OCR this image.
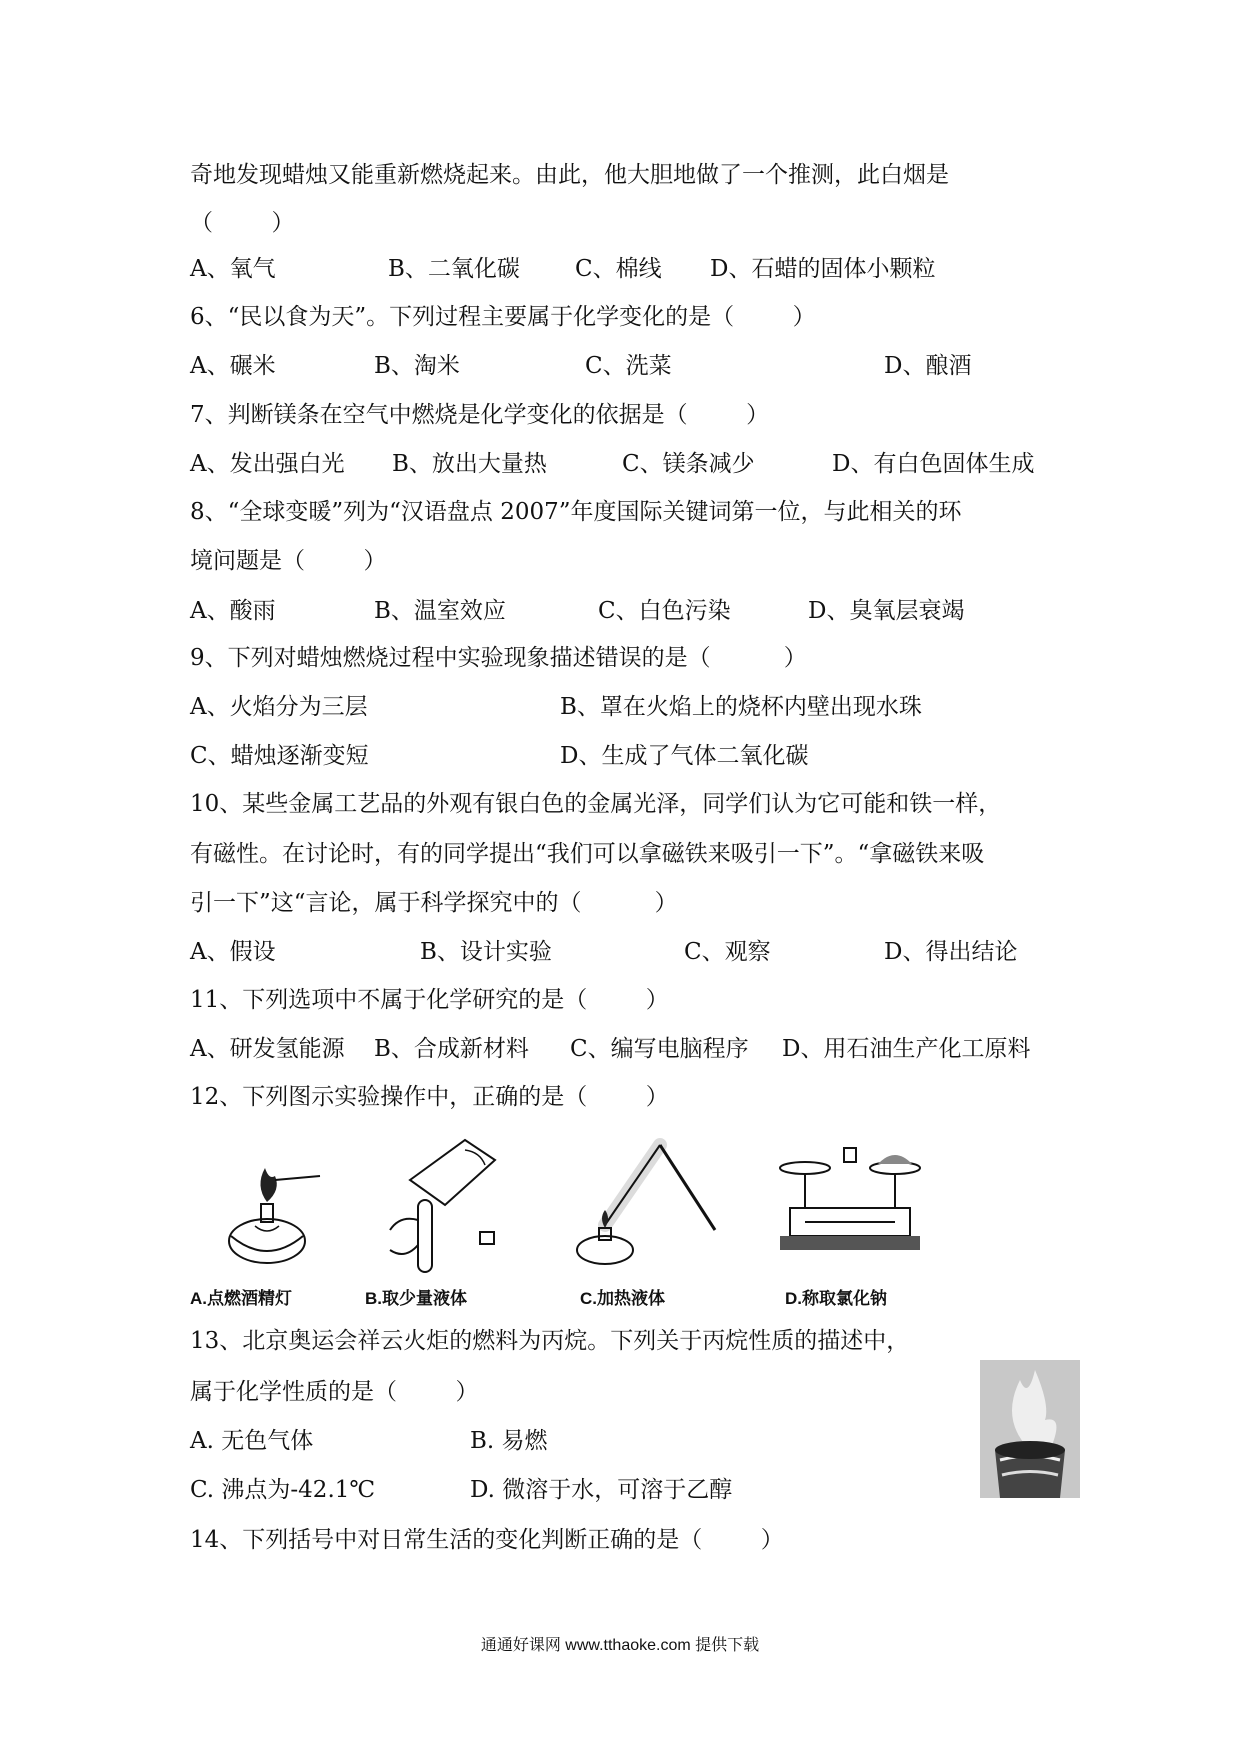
奇地发现蜡烛又能重新燃烧起来。由此，他大胆地做了一个推测，此白烟是
（        ）
A、氧气	B、二氧化碳 C、棉线 D、石蜡的固体小颗粒
6、“民以食为天”。下列过程主要属于化学变化的是（        ）
A、碾米	B、淘米	C、洗菜	D、酿酒
7、判断镁条在空气中燃烧是化学变化的依据是（        ）
A、发出强白光 B、放出大量热	C、镁条减少	D、有白色固体生成
8、“全球变暖”列为“汉语盘点 2007”年度国际关键词第一位，与此相关的环
境问题是（        ）
A、酸雨	B、温室效应	C、白色污染	D、臭氧层衰竭
9、下列对蜡烛燃烧过程中实验现象描述错误的是（          ）
A、火焰分为三层	B、罩在火焰上的烧杯内壁出现水珠
C、蜡烛逐渐变短	D、生成了气体二氧化碳
10、某些金属工艺品的外观有银白色的金属光泽，同学们认为它可能和铁一样，
有磁性。在讨论时，有的同学提出“我们可以拿磁铁来吸引一下”。“拿磁铁来吸
引一下”这“言论，属于科学探究中的（          ）
A、假设	B、设计实验	C、观察	D、得出结论
11、下列选项中不属于化学研究的是（        ）
A、研发氢能源 B、合成新材料 C、编写电脑程序 D、用石油生产化工原料
12、下列图示实验操作中，正确的是（        ）
A.点燃酒精灯	B.取少量液体	C.加热液体	D.称取氯化钠
13、北京奥运会祥云火炬的燃料为丙烷。下列关于丙烷性质的描述中，
属于化学性质的是（        ）
A. 无色气体	B. 易燃
C. 沸点为-42.1℃	D. 微溶于水，可溶于乙醇
14、下列括号中对日常生活的变化判断正确的是（        ）
通通好课网 www.tthaoke.com 提供下载
